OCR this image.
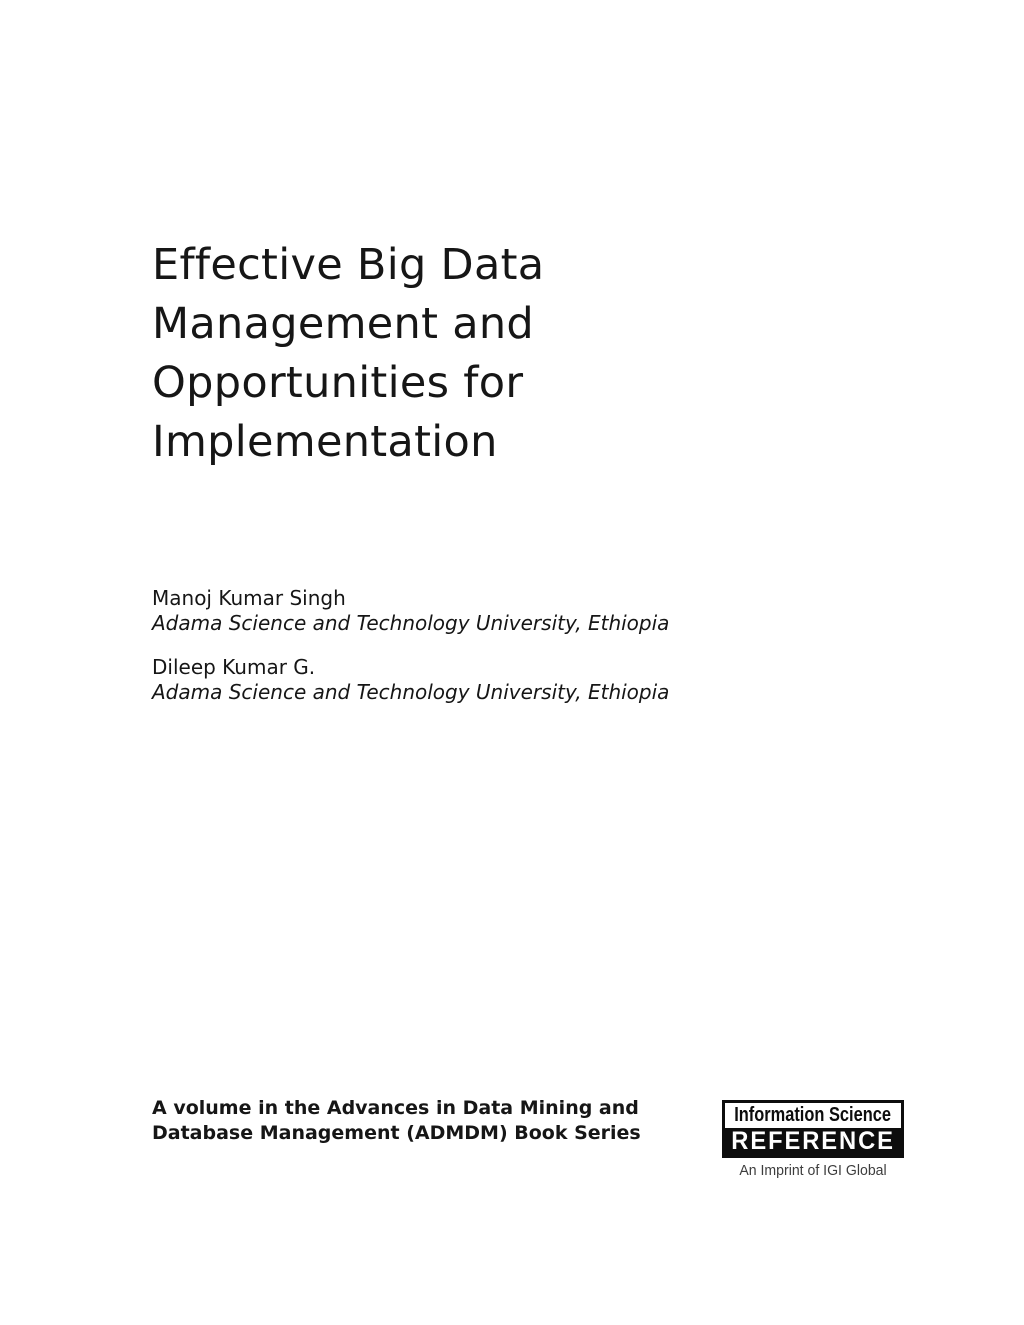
Effective Big Data
Management and
Opportunities for
Implementation
Manoj Kumar Singh
Adama Science and Technology University, Ethiopia
Dileep Kumar G.
Adama Science and Technology University, Ethiopia
A volume in the Advances in Data Mining and
Database Management (ADMDM) Book Series
Information Science
REFERENCE
An Imprint of IGI Global
